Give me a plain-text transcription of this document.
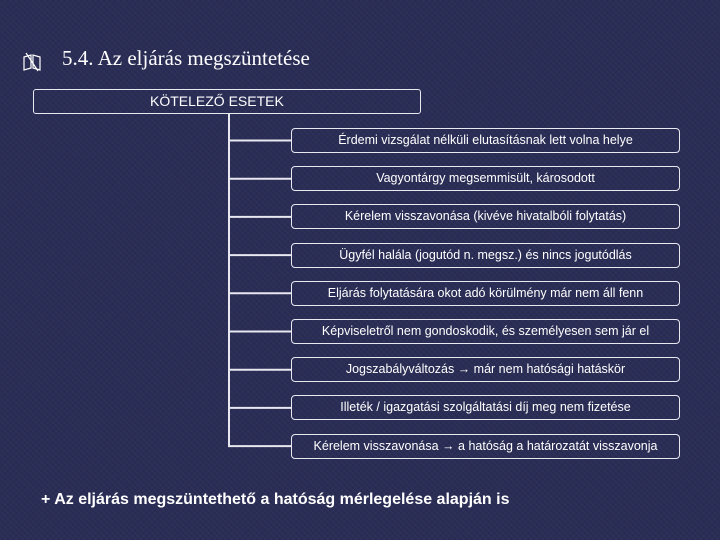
5.4. Az eljárás megszüntetése
KÖTELEZŐ ESETEK
Érdemi vizsgálat nélküli elutasításnak lett volna helye
Vagyontárgy megsemmisült, károsodott
Kérelem visszavonása (kivéve hivatalbóli folytatás)
Ügyfél halála (jogutód n. megsz.) és nincs jogutódlás
Eljárás folytatására okot adó körülmény már nem áll fenn
Képviseletről nem gondoskodik, és személyesen sem jár el
Jogszabályváltozás → már nem hatósági hatáskör
Illeték / igazgatási szolgáltatási díj meg nem fizetése
Kérelem visszavonása → a hatóság a határozatát visszavonja
+ Az eljárás megszüntethető a hatóság mérlegelése alapján is
